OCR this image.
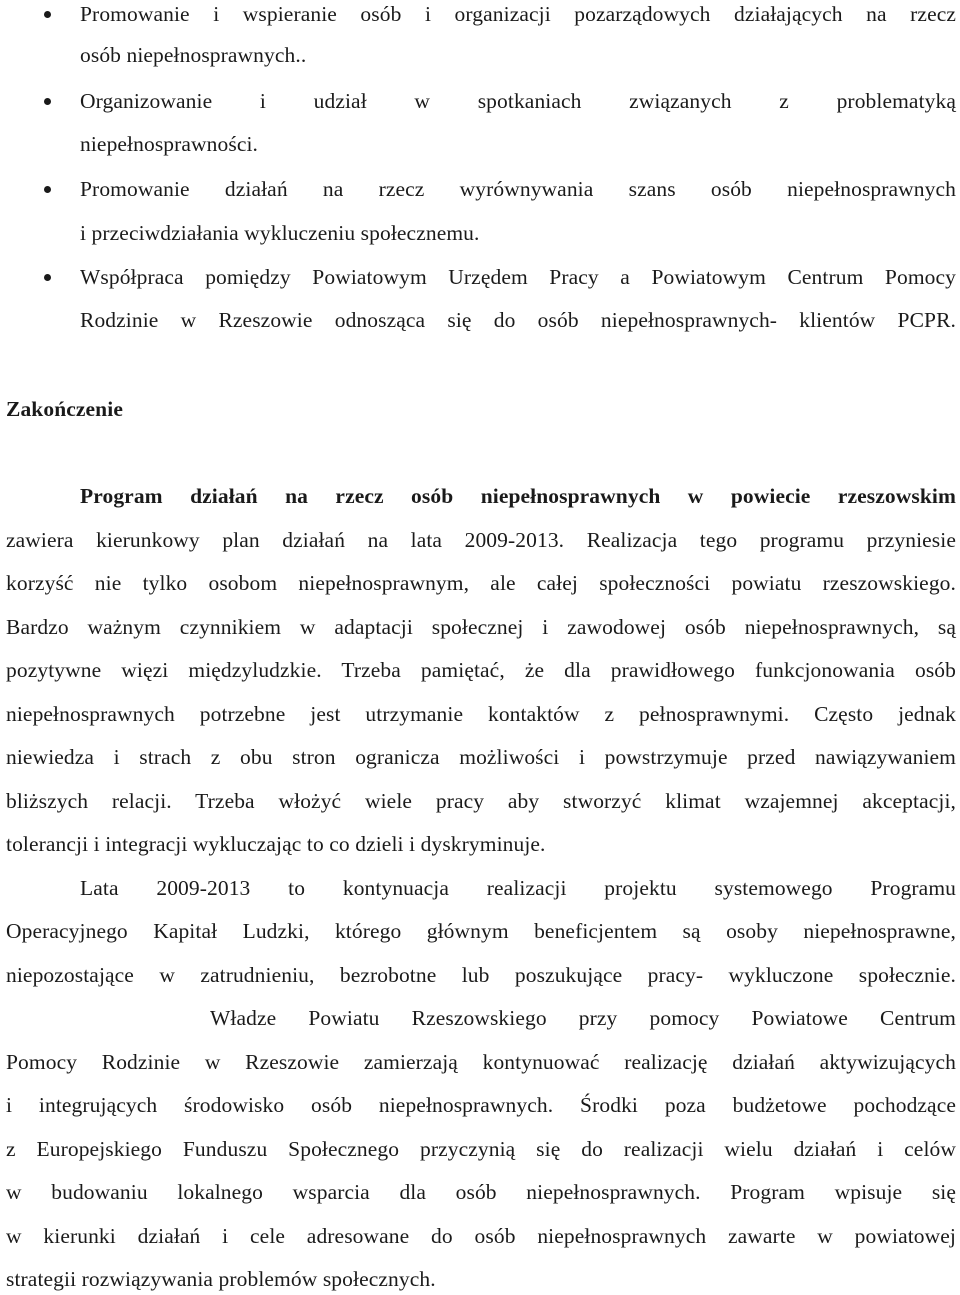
Promowanie i wspieranie osób i organizacji pozarządowych działających na rzecz
osób niepełnosprawnych..
Organizowanie i udział w spotkaniach związanych z problematyką
niepełnosprawności.
Promowanie działań na rzecz wyrównywania szans osób niepełnosprawnych
i przeciwdziałania wykluczeniu społecznemu.
Współpraca pomiędzy Powiatowym Urzędem Pracy a Powiatowym Centrum Pomocy
Rodzinie w Rzeszowie odnosząca się do osób niepełnosprawnych- klientów PCPR.
Zakończenie
Program działań na rzecz osób niepełnosprawnych w powiecie rzeszowskim
zawiera kierunkowy plan działań na lata 2009-2013. Realizacja tego programu przyniesie
korzyść nie tylko osobom niepełnosprawnym, ale całej społeczności powiatu rzeszowskiego.
Bardzo ważnym czynnikiem w adaptacji społecznej i zawodowej osób niepełnosprawnych, są
pozytywne więzi międzyludzkie. Trzeba pamiętać, że dla prawidłowego funkcjonowania osób
niepełnosprawnych potrzebne jest utrzymanie kontaktów z pełnosprawnymi. Często jednak
niewiedza i strach z obu stron ogranicza możliwości i powstrzymuje przed nawiązywaniem
bliższych relacji. Trzeba włożyć wiele pracy aby stworzyć klimat wzajemnej akceptacji,
tolerancji i integracji wykluczając to co dzieli i dyskryminuje.
Lata 2009-2013 to kontynuacja realizacji projektu systemowego Programu
Operacyjnego Kapitał Ludzki, którego głównym beneficjentem są osoby niepełnosprawne,
niepozostające w zatrudnieniu, bezrobotne lub poszukujące pracy- wykluczone społecznie.
Władze Powiatu Rzeszowskiego przy pomocy Powiatowe Centrum
Pomocy Rodzinie w Rzeszowie zamierzają kontynuować realizację działań aktywizujących
i integrujących środowisko osób niepełnosprawnych. Środki poza budżetowe pochodzące
z Europejskiego Funduszu Społecznego przyczynią się do realizacji wielu działań i celów
w budowaniu lokalnego wsparcia dla osób niepełnosprawnych. Program wpisuje się
w kierunki działań i cele adresowane do osób niepełnosprawnych zawarte w powiatowej
strategii rozwiązywania problemów społecznych.
